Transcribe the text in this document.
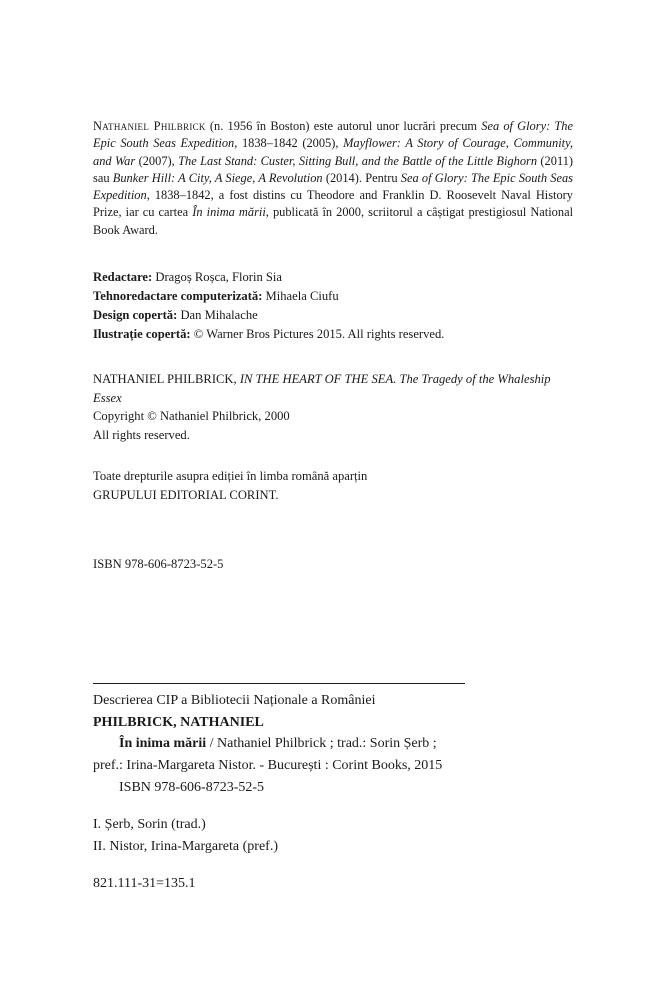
Nathaniel Philbrick (n. 1956 în Boston) este autorul unor lucrări precum Sea of Glory: The Epic South Seas Expedition, 1838–1842 (2005), Mayflower: A Story of Courage, Community, and War (2007), The Last Stand: Custer, Sitting Bull, and the Battle of the Little Bighorn (2011) sau Bunker Hill: A City, A Siege, A Revolution (2014). Pentru Sea of Glory: The Epic South Seas Expedition, 1838–1842, a fost distins cu Theodore and Franklin D. Roosevelt Naval History Prize, iar cu cartea În inima mării, publicată în 2000, scriitorul a câștigat prestigiosul National Book Award.

Redactare: Dragoș Roșca, Florin Sia

Tehnoredactare computerizată: Mihaela Ciufu

Design copertă: Dan Mihalache

Ilustrație copertă: © Warner Bros Pictures 2015. All rights reserved.

NATHANIEL PHILBRICK, IN THE HEART OF THE SEA. The Tragedy of the Whaleship Essex

Copyright © Nathaniel Philbrick, 2000

All rights reserved.

Toate drepturile asupra ediției în limba română aparțin

GRUPULUI EDITORIAL CORINT.

ISBN 978-606-8723-52-5

Descrierea CIP a Bibliotecii Naționale a României

PHILBRICK, NATHANIEL

În inima mării / Nathaniel Philbrick ; trad.: Sorin Șerb ;

pref.: Irina-Margareta Nistor. - București : Corint Books, 2015

ISBN 978-606-8723-52-5

I. Șerb, Sorin (trad.)

II. Nistor, Irina-Margareta (pref.)

821.111-31=135.1
